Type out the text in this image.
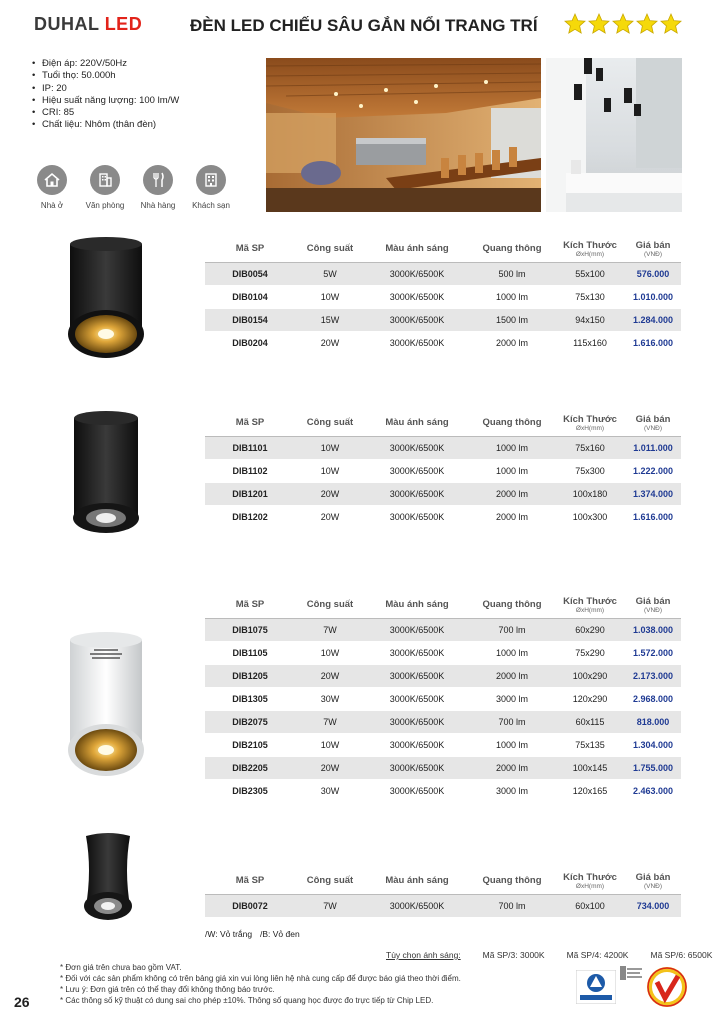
DUHAL LED	ĐÈN LED CHIẾU SÂU GẮN NỔI TRANG TRÍ
• Điện áp: 220V/50Hz
• Tuổi thọ: 50.000h
• IP: 20
• Hiệu suất năng lượng: 100 lm/W
• CRI: 85
• Chất liệu: Nhôm (thân đèn)
Nhà ở	Văn phòng	Nhà hàng	Khách sạn
Mã SP	Công suất	Màu ánh sáng	Quang thông	Kích Thước
ØxH(mm)	Giá bán
(VNĐ)

DIB0054	5W	3000K/6500K	500 lm	55x100	576.000
DIB0104	10W	3000K/6500K	1000 lm	75x130	1.010.000
DIB0154	15W	3000K/6500K	1500 lm	94x150	1.284.000
DIB0204	20W	3000K/6500K	2000 lm	115x160	1.616.000
Mã SP	Công suất	Màu ánh sáng	Quang thông	Kích Thước
ØxH(mm)	Giá bán
(VNĐ)

DIB1101	10W	3000K/6500K	1000 lm	75x160	1.011.000
DIB1102	10W	3000K/6500K	1000 lm	75x300	1.222.000
DIB1201	20W	3000K/6500K	2000 lm	100x180	1.374.000
DIB1202	20W	3000K/6500K	2000 lm	100x300	1.616.000
Mã SP	Công suất	Màu ánh sáng	Quang thông	Kích Thước
ØxH(mm)	Giá bán
(VNĐ)

DIB1075	7W	3000K/6500K	700 lm	60x290	1.038.000
DIB1105	10W	3000K/6500K	1000 lm	75x290	1.572.000
DIB1205	20W	3000K/6500K	2000 lm	100x290	2.173.000
DIB1305	30W	3000K/6500K	3000 lm	120x290	2.968.000
DIB2075	7W	3000K/6500K	700 lm	60x115	818.000
DIB2105	10W	3000K/6500K	1000 lm	75x135	1.304.000
DIB2205	20W	3000K/6500K	2000 lm	100x145	1.755.000
DIB2305	30W	3000K/6500K	3000 lm	120x165	2.463.000
Mã SP	Công suất	Màu ánh sáng	Quang thông	Kích Thước
ØxH(mm)	Giá bán
(VNĐ)

DIB0072	7W	3000K/6500K	700 lm	60x100	734.000
/W: Vỏ trắng /B: Vỏ đen
Tùy chọn ánh sáng:	Mã SP/3: 3000K	Mã SP/4: 4200K	Mã SP/6: 6500K
* Đơn giá trên chưa bao gồm VAT.
* Đối với các sản phẩm không có trên bảng giá xin vui lòng liên hệ nhà cung cấp để được báo giá theo thời điểm.
* Lưu ý: Đơn giá trên có thể thay đổi không thông báo trước.
* Các thông số kỹ thuật có dung sai cho phép ±10%. Thông số quang học được đo trực tiếp từ Chip LED.
26
